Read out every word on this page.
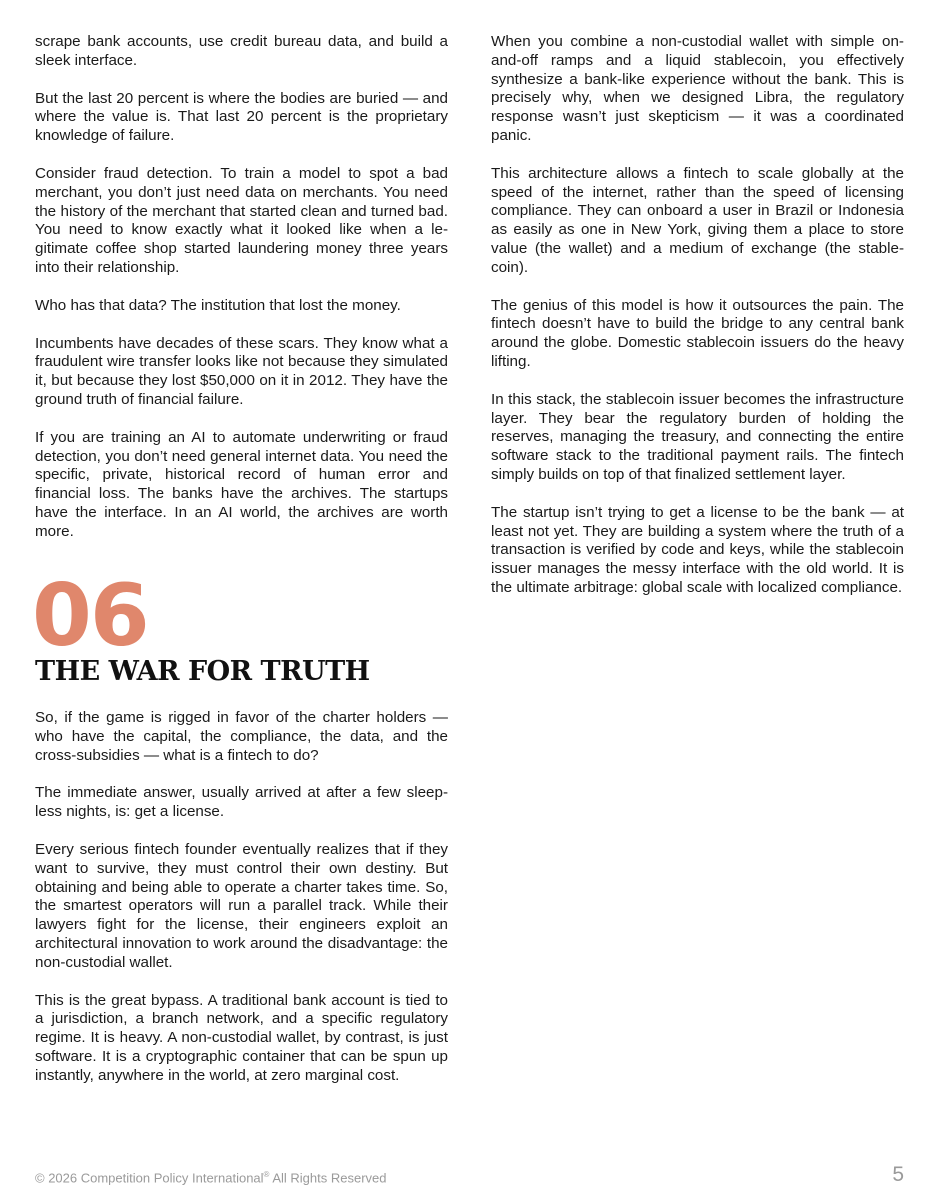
scrape bank accounts, use credit bureau data, and build a sleek interface.

But the last 20 percent is where the bodies are buried — and where the value is. That last 20 percent is the proprietary knowledge of failure.

Consider fraud detection. To train a model to spot a bad merchant, you don’t just need data on merchants. You need the history of the merchant that started clean and turned bad. You need to know exactly what it looked like when a legitimate coffee shop started laundering money three years into their relationship.

Who has that data? The institution that lost the money.

Incumbents have decades of these scars. They know what a fraudulent wire transfer looks like not because they simulated it, but because they lost $50,000 on it in 2012. They have the ground truth of financial failure.

If you are training an AI to automate underwriting or fraud detection, you don’t need general internet data. You need the specific, private, historical record of human error and financial loss. The banks have the archives. The startups have the interface. In an AI world, the archives are worth more.

06
THE WAR FOR TRUTH

So, if the game is rigged in favor of the charter holders — who have the capital, the compliance, the data, and the cross-subsidies — what is a fintech to do?

The immediate answer, usually arrived at after a few sleepless nights, is: get a license.

Every serious fintech founder eventually realizes that if they want to survive, they must control their own destiny. But obtaining and being able to operate a charter takes time. So, the smartest operators will run a parallel track. While their lawyers fight for the license, their engineers exploit an architectural innovation to work around the disadvantage: the non-custodial wallet.

This is the great bypass. A traditional bank account is tied to a jurisdiction, a branch network, and a specific regulatory regime. It is heavy. A non-custodial wallet, by contrast, is just software. It is a cryptographic container that can be spun up instantly, anywhere in the world, at zero marginal cost.

When you combine a non-custodial wallet with simple on-and-off ramps and a liquid stablecoin, you effectively synthesize a bank-like experience without the bank. This is precisely why, when we designed Libra, the regulatory response wasn’t just skepticism — it was a coordinated panic.

This architecture allows a fintech to scale globally at the speed of the internet, rather than the speed of licensing compliance. They can onboard a user in Brazil or Indonesia as easily as one in New York, giving them a place to store value (the wallet) and a medium of exchange (the stablecoin).

The genius of this model is how it outsources the pain. The fintech doesn’t have to build the bridge to any central bank around the globe. Domestic stablecoin issuers do the heavy lifting.

In this stack, the stablecoin issuer becomes the infrastructure layer. They bear the regulatory burden of holding the reserves, managing the treasury, and connecting the entire software stack to the traditional payment rails. The fintech simply builds on top of that finalized settlement layer.

The startup isn’t trying to get a license to be the bank — at least not yet. They are building a system where the truth of a transaction is verified by code and keys, while the stablecoin issuer manages the messy interface with the old world. It is the ultimate arbitrage: global scale with localized compliance.

© 2026 Competition Policy International® All Rights Reserved	5
